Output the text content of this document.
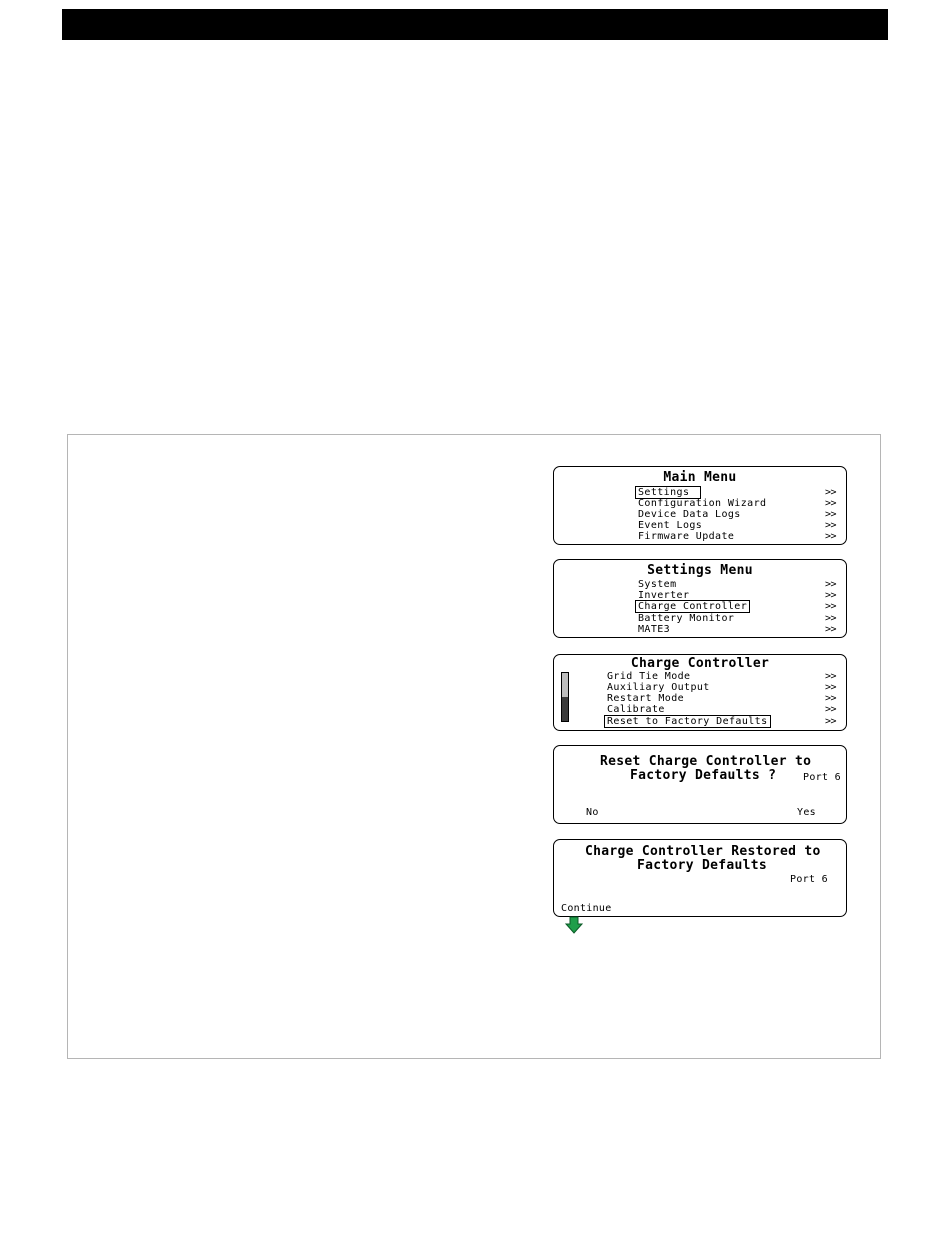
Main Menu
Settings	>>
Configuration Wizard	>>
Device Data Logs	>>
Event Logs	>>
Firmware Update	>>
Settings Menu
System	>>
Inverter	>>
Charge Controller	>>
Battery Monitor	>>
MATE3	>>
Charge Controller
Grid Tie Mode	>>
Auxiliary Output	>>
Restart Mode	>>
Calibrate	>>
Reset to Factory Defaults	>>
Reset Charge Controller to
Factory Defaults ?	Port 6
No	Yes
Charge Controller Restored to
Factory Defaults
Port 6
Continue
